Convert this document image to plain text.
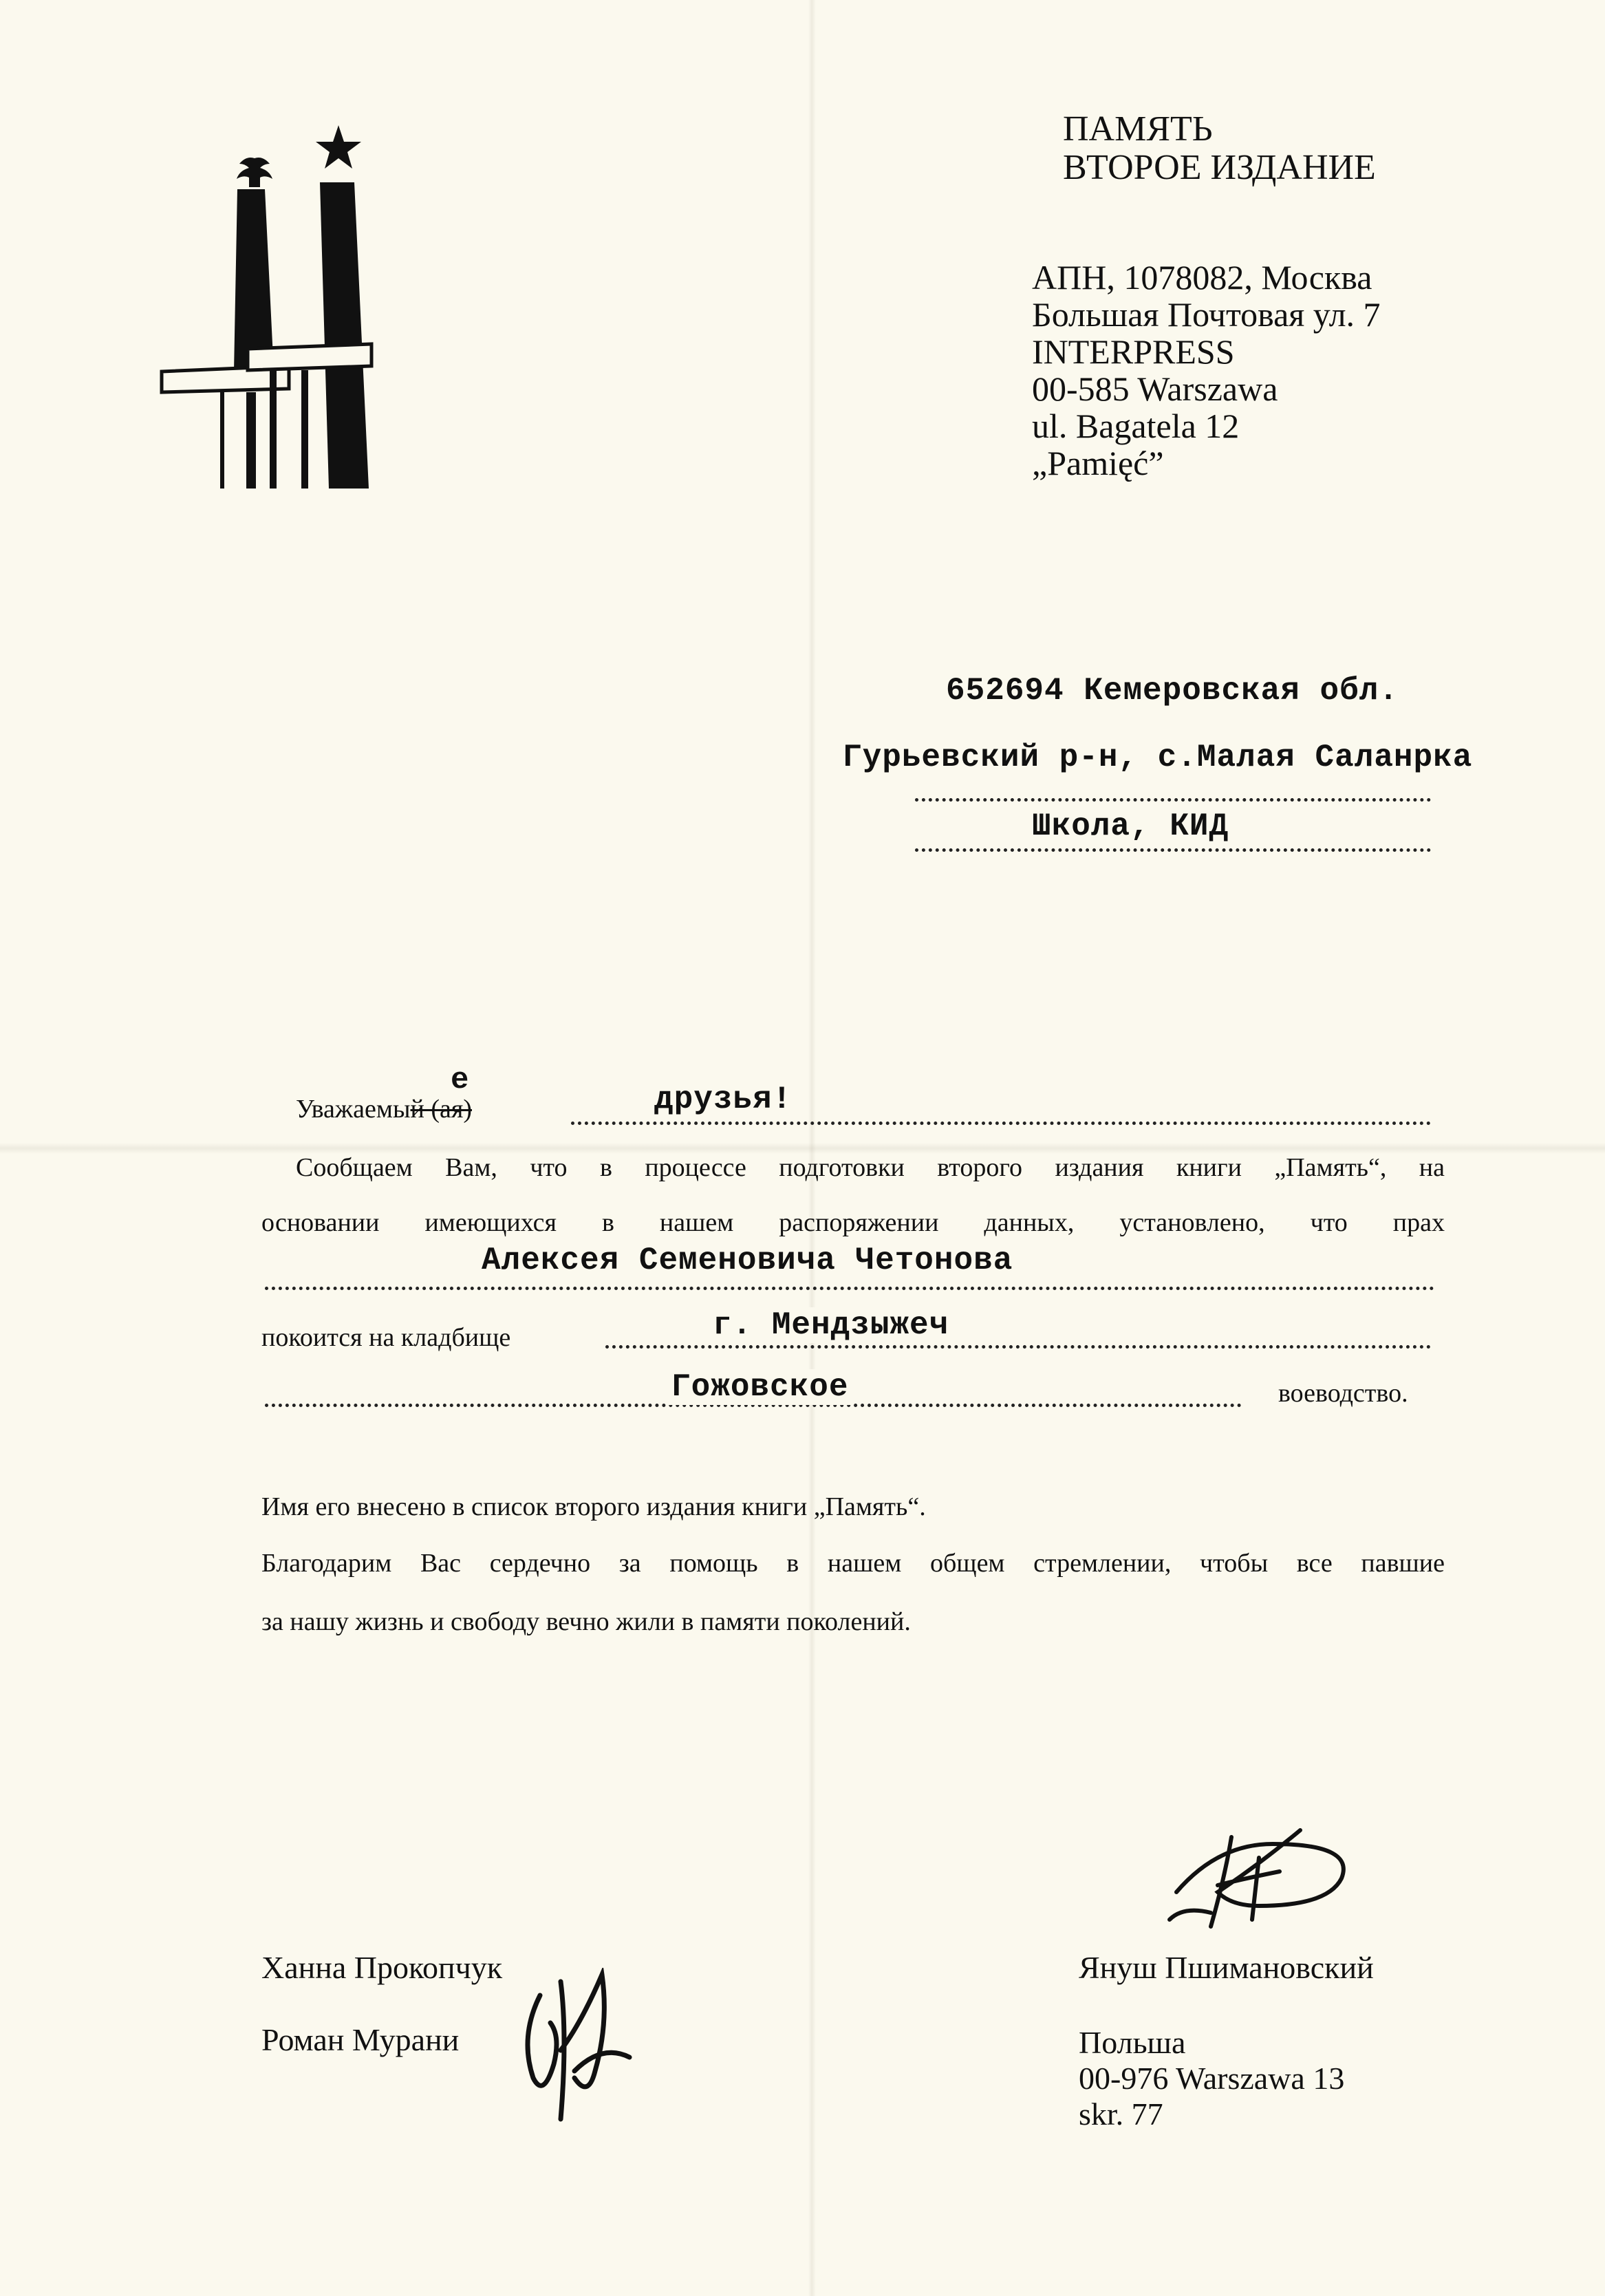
ПАМЯТЬ
ВТОРОЕ ИЗДАНИЕ
АПН, 1078082, Москва
Большая Почтовая ул. 7
INTERPRESS
00-585 Warszawa
ul. Bagatela 12
„Pamięć”
652694 Кемеровская обл.
Гурьевский р-н, с.Малая Саланрка
Школа, КИД
Уважаемый (ая)
е
друзья!
Сообщаем Вам, что в процессе подготовки второго издания книги „Память“, на
основании имеющихся в нашем распоряжении данных, установлено, что прах
Алексея Семеновича Четонова
покоится на кладбище	г. Мендзыжеч
Гожовское	воеводство.
Имя его внесено в список второго издания книги „Память“.
Благодарим Вас сердечно за помощь в нашем общем стремлении, чтобы все павшие
за нашу жизнь и свободу вечно жили в памяти поколений.
Ханна Прокопчук
Роман Мурани
Януш Пшимановский
Польша
00-976 Warszawa 13
skr. 77
